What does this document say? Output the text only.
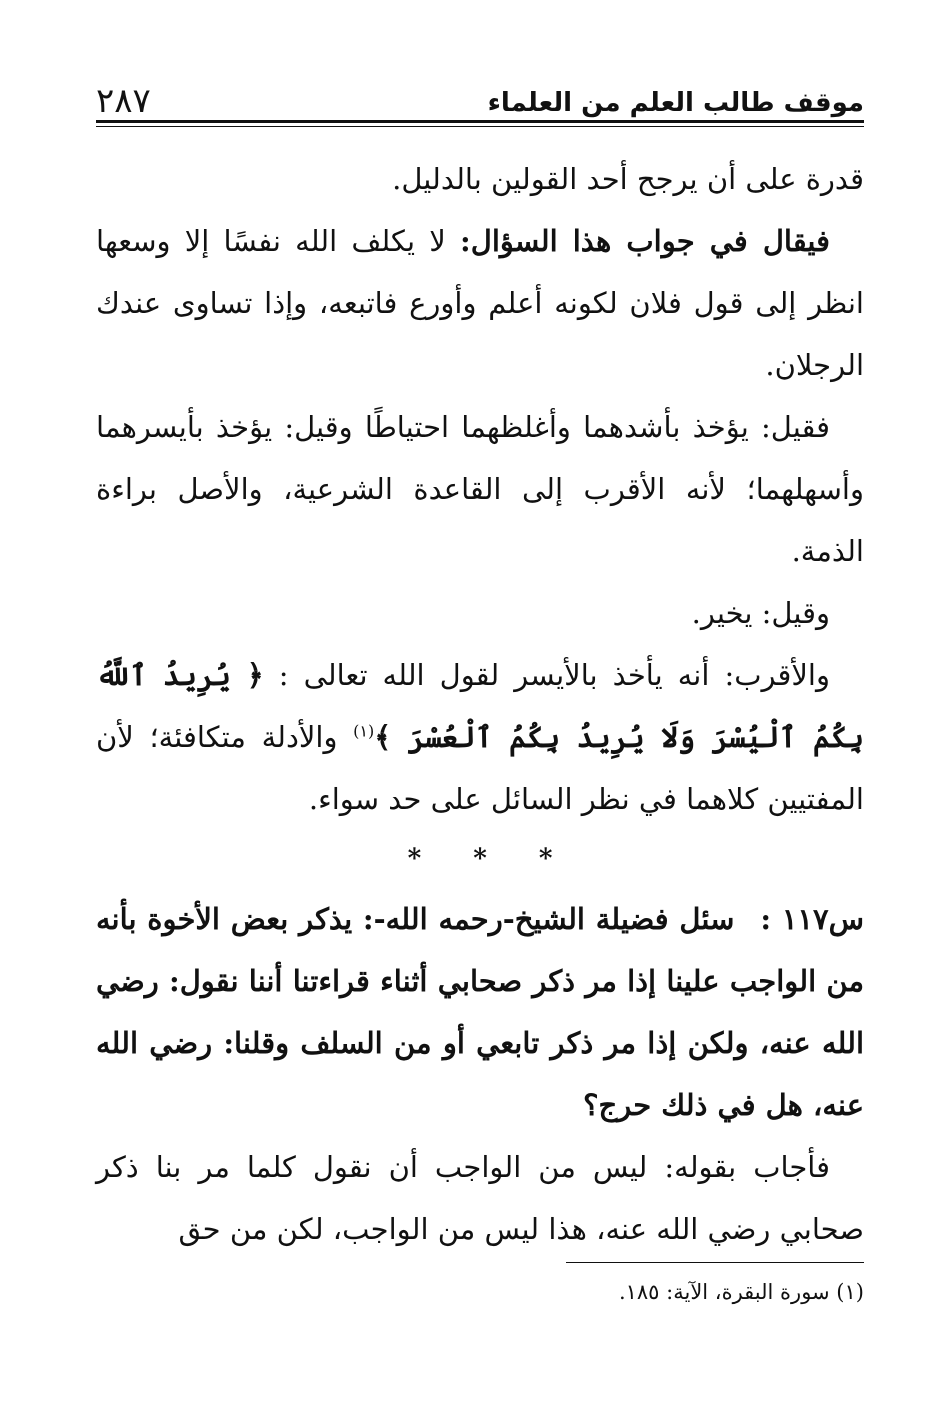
موقف طالب العلم من العلماء
٢٨٧

قدرة على أن يرجح أحد القولين بالدليل.

فيقال في جواب هذا السؤال: لا يكلف الله نفسًا إلا وسعها انظر إلى قول فلان لكونه أعلم وأورع فاتبعه، وإذا تساوى عندك الرجلان.

فقيل: يؤخذ بأشدهما وأغلظهما احتياطًا وقيل: يؤخذ بأيسرهما وأسهلهما؛ لأنه الأقرب إلى القاعدة الشرعية، والأصل براءة الذمة.

وقيل: يخير.

والأقرب: أنه يأخذ بالأيسر لقول الله تعالى : ﴿ يُرِيدُ ٱللَّهُ بِكُمُ ٱلْيُسْرَ وَلَا يُرِيدُ بِكُمُ ٱلْعُسْرَ ﴾$^{(١)}$ والأدلة متكافئة؛ لأن المفتيين كلاهما في نظر السائل على حد سواء.

*
*
*

س١١٧ :سئل فضيلة الشيخ-رحمه الله-: يذكر بعض الأخوة بأنه من الواجب علينا إذا مر ذكر صحابي أثناء قراءتنا أننا نقول: رضي الله عنه، ولكن إذا مر ذكر تابعي أو من السلف وقلنا: رضي الله عنه، هل في ذلك حرج؟

فأجاب بقوله: ليس من الواجب أن نقول كلما مر بنا ذكر صحابي رضي الله عنه، هذا ليس من الواجب، لكن من حق

(١) سورة البقرة، الآية: ١٨٥.
